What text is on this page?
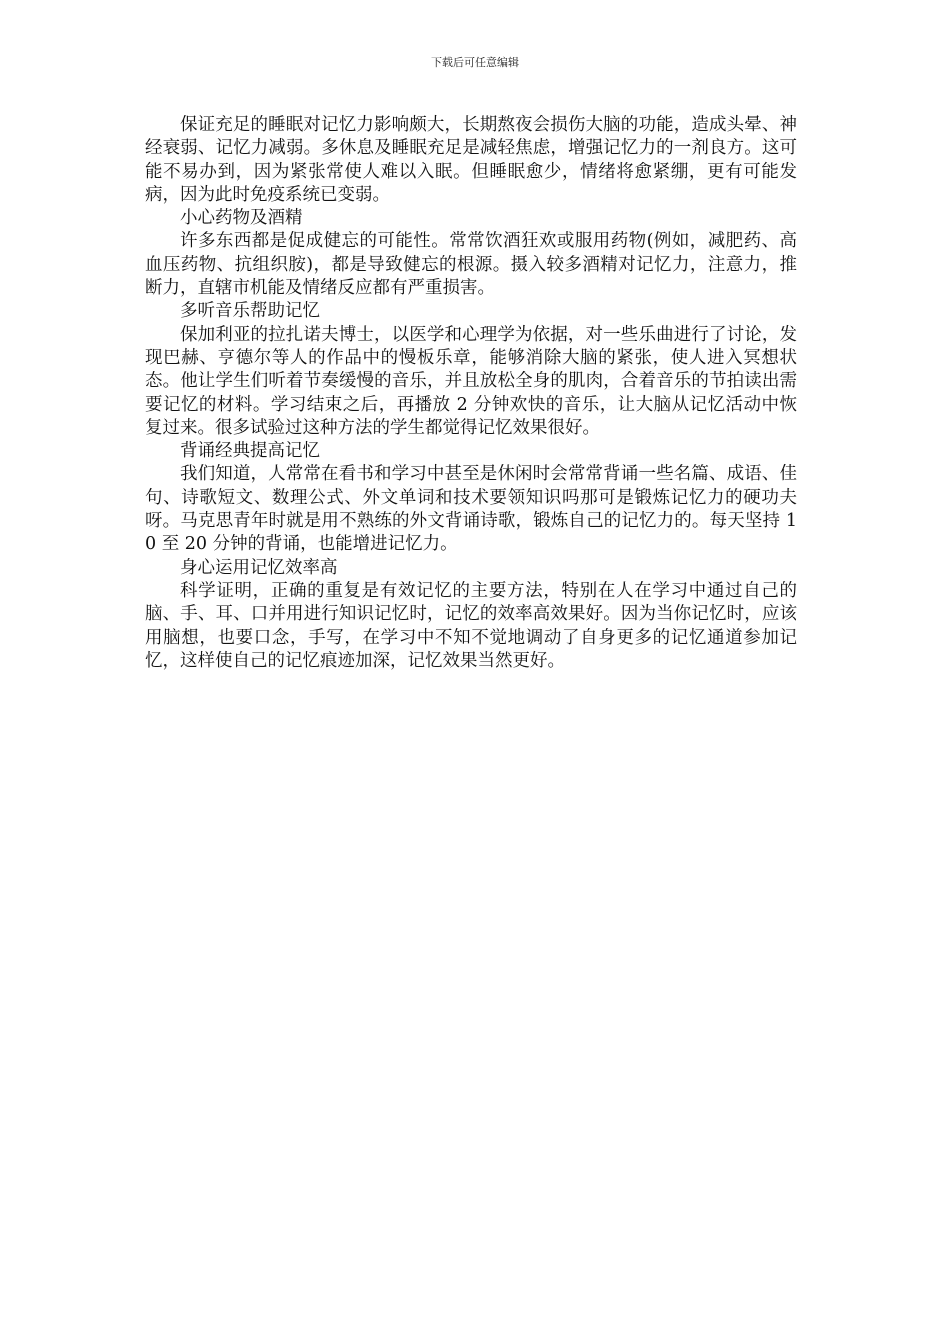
下载后可任意编辑

保证充足的睡眠对记忆力影响颇大，长期熬夜会损伤大脑的功能，造成头晕、神经衰弱、记忆力减弱。多休息及睡眠充足是减轻焦虑，增强记忆力的一剂良方。这可能不易办到，因为紧张常使人难以入眠。但睡眠愈少，情绪将愈紧绷，更有可能发病，因为此时免疫系统已变弱。

小心药物及酒精

许多东西都是促成健忘的可能性。常常饮酒狂欢或服用药物(例如，减肥药、高血压药物、抗组织胺)，都是导致健忘的根源。摄入较多酒精对记忆力，注意力，推断力，直辖市机能及情绪反应都有严重损害。

多听音乐帮助记忆

保加利亚的拉扎诺夫博士，以医学和心理学为依据，对一些乐曲进行了讨论，发现巴赫、亨德尔等人的作品中的慢板乐章，能够消除大脑的紧张，使人进入冥想状态。他让学生们听着节奏缓慢的音乐，并且放松全身的肌肉，合着音乐的节拍读出需要记忆的材料。学习结束之后，再播放 2 分钟欢快的音乐，让大脑从记忆活动中恢复过来。很多试验过这种方法的学生都觉得记忆效果很好。

背诵经典提高记忆

我们知道，人常常在看书和学习中甚至是休闲时会常常背诵一些名篇、成语、佳句、诗歌短文、数理公式、外文单词和技术要领知识吗那可是锻炼记忆力的硬功夫呀。马克思青年时就是用不熟练的外文背诵诗歌，锻炼自己的记忆力的。每天坚持 10 至 20 分钟的背诵，也能增进记忆力。

身心运用记忆效率高

科学证明，正确的重复是有效记忆的主要方法，特别在人在学习中通过自己的脑、手、耳、口并用进行知识记忆时，记忆的效率高效果好。因为当你记忆时，应该用脑想，也要口念，手写，在学习中不知不觉地调动了自身更多的记忆通道参加记忆，这样使自己的记忆痕迹加深，记忆效果当然更好。
